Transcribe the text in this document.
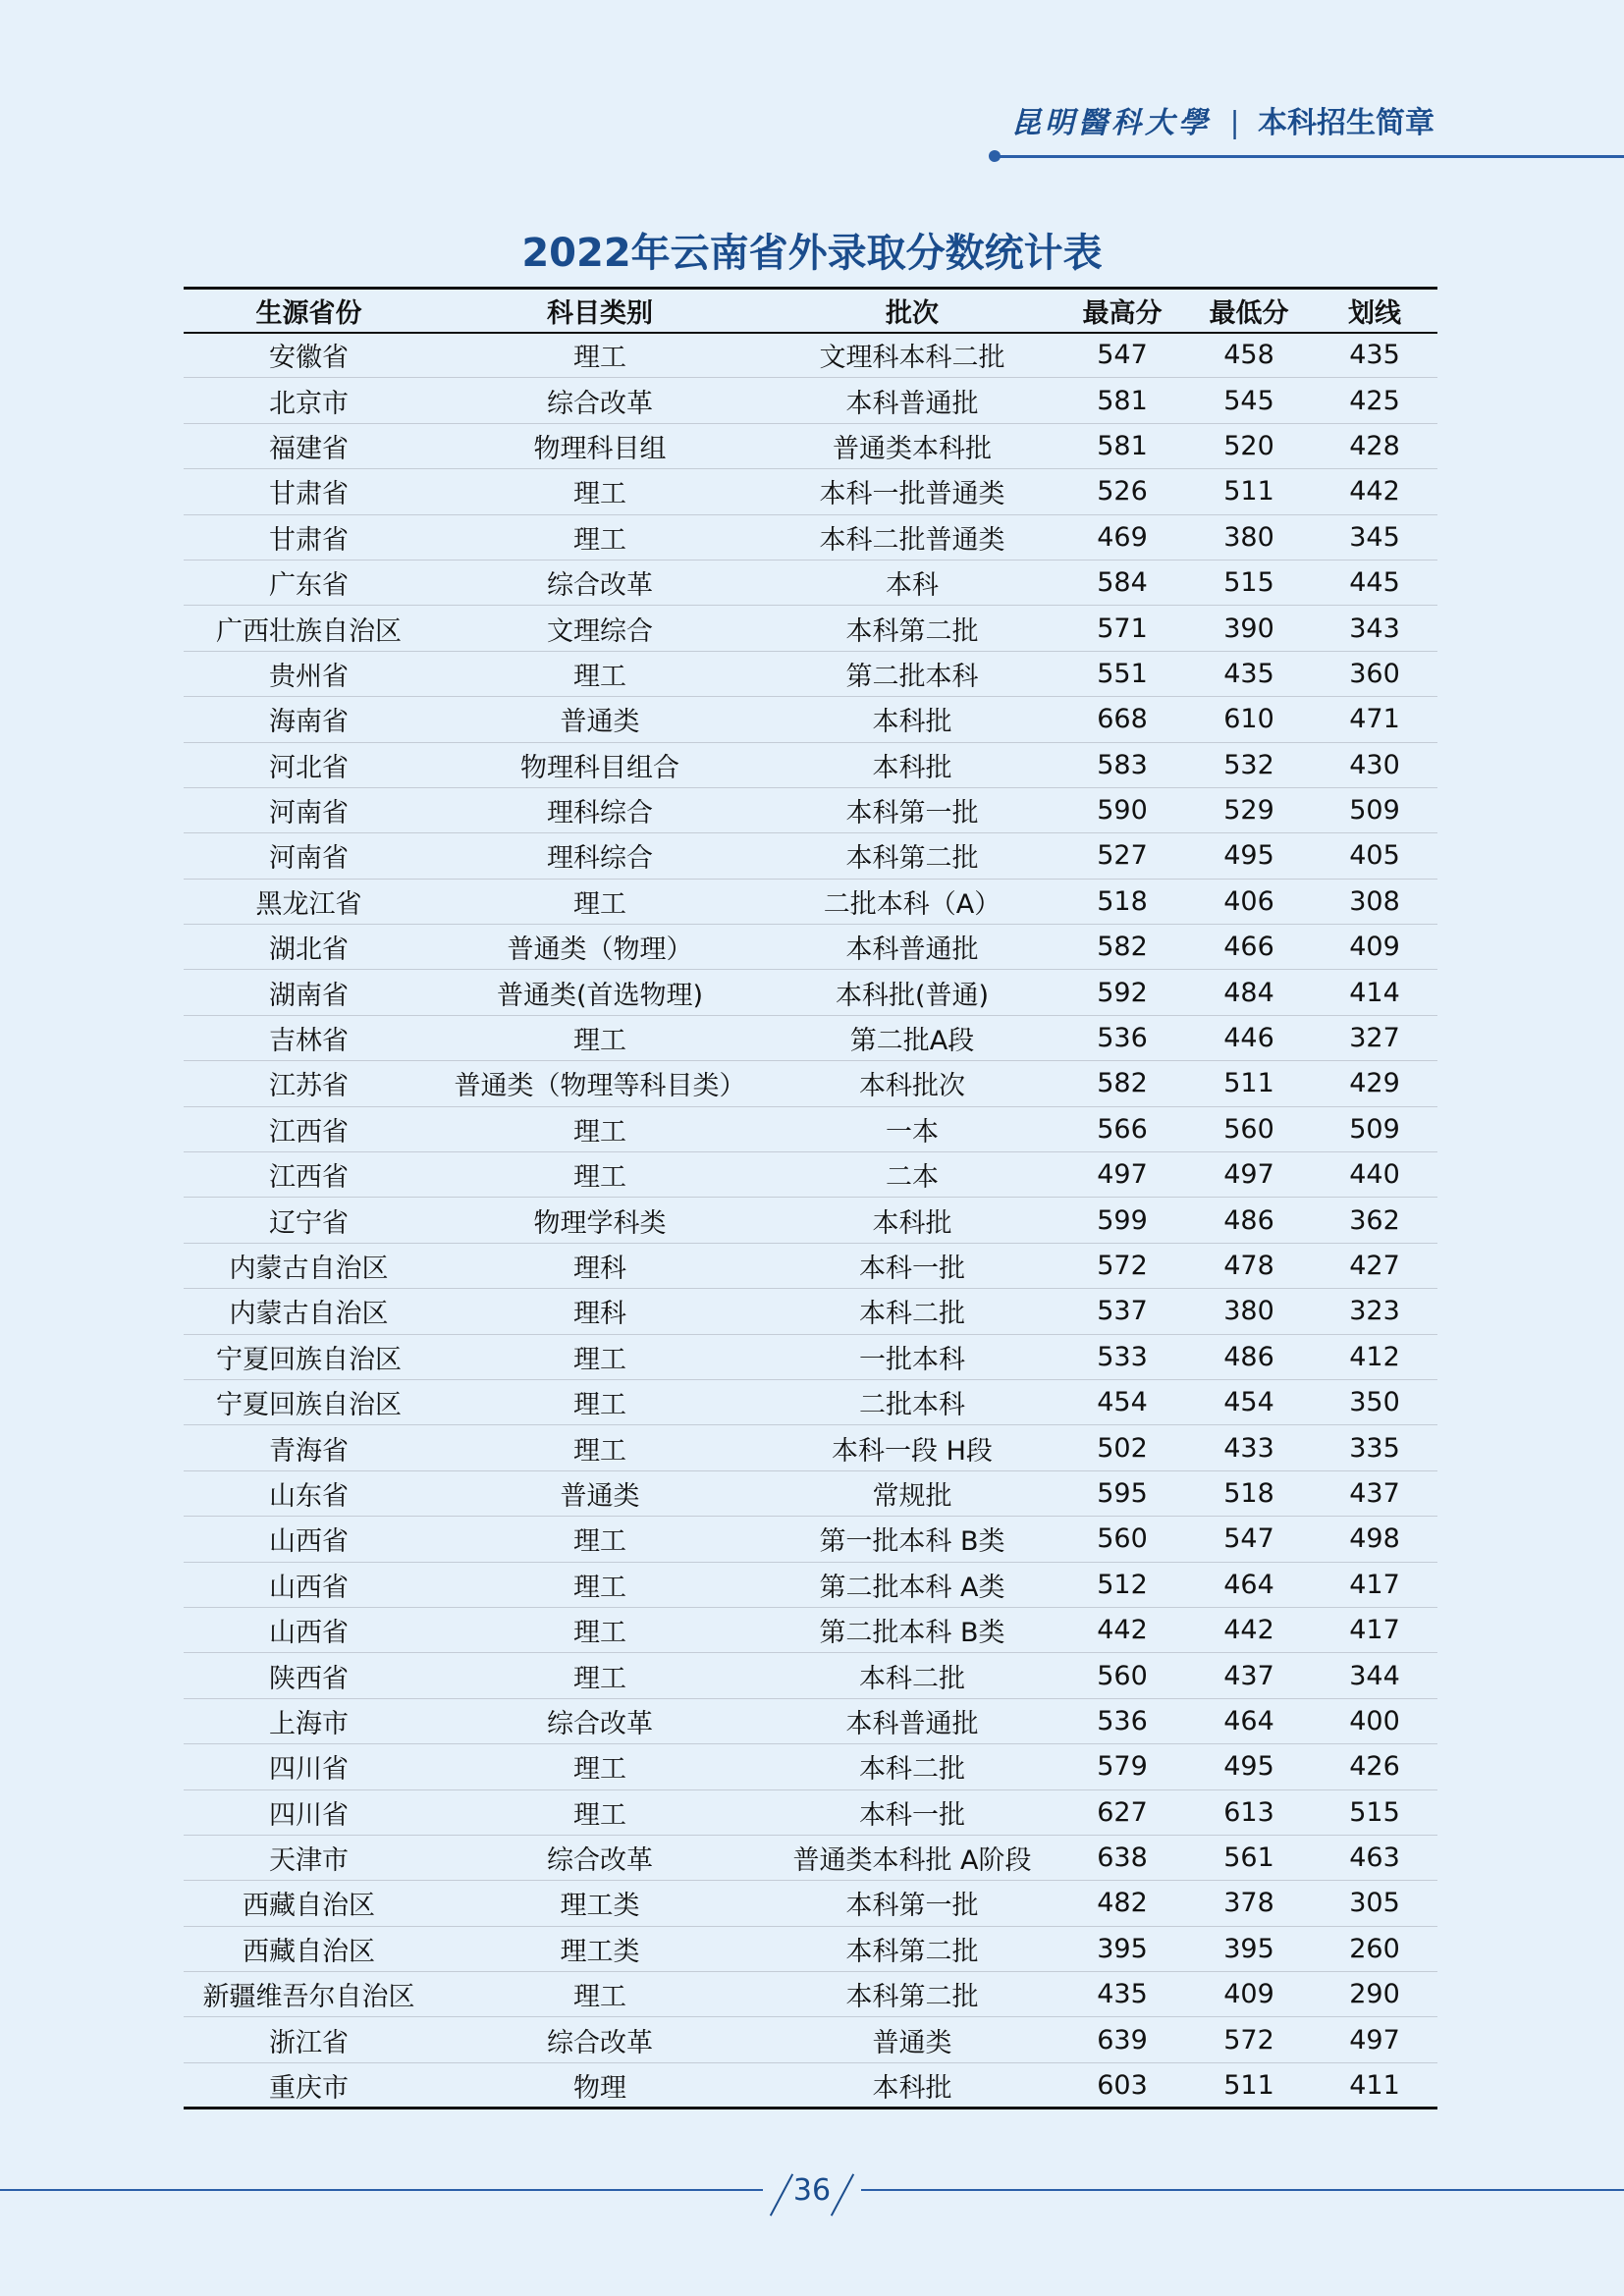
昆明醫科大學 | 本科招生简章
2022年云南省外录取分数统计表
生源省份	科目类别	批次	最高分	最低分	划线
安徽省	理工	文理科本科二批	547	458	435
北京市	综合改革	本科普通批	581	545	425
福建省	物理科目组	普通类本科批	581	520	428
甘肃省	理工	本科一批普通类	526	511	442
甘肃省	理工	本科二批普通类	469	380	345
广东省	综合改革	本科	584	515	445
广西壮族自治区	文理综合	本科第二批	571	390	343
贵州省	理工	第二批本科	551	435	360
海南省	普通类	本科批	668	610	471
河北省	物理科目组合	本科批	583	532	430
河南省	理科综合	本科第一批	590	529	509
河南省	理科综合	本科第二批	527	495	405
黑龙江省	理工	二批本科（A）	518	406	308
湖北省	普通类（物理）	本科普通批	582	466	409
湖南省	普通类(首选物理)	本科批(普通)	592	484	414
吉林省	理工	第二批A段	536	446	327
江苏省	普通类（物理等科目类）	本科批次	582	511	429
江西省	理工	一本	566	560	509
江西省	理工	二本	497	497	440
辽宁省	物理学科类	本科批	599	486	362
内蒙古自治区	理科	本科一批	572	478	427
内蒙古自治区	理科	本科二批	537	380	323
宁夏回族自治区	理工	一批本科	533	486	412
宁夏回族自治区	理工	二批本科	454	454	350
青海省	理工	本科一段 H段	502	433	335
山东省	普通类	常规批	595	518	437
山西省	理工	第一批本科 B类	560	547	498
山西省	理工	第二批本科 A类	512	464	417
山西省	理工	第二批本科 B类	442	442	417
陕西省	理工	本科二批	560	437	344
上海市	综合改革	本科普通批	536	464	400
四川省	理工	本科二批	579	495	426
四川省	理工	本科一批	627	613	515
天津市	综合改革	普通类本科批 A阶段	638	561	463
西藏自治区	理工类	本科第一批	482	378	305
西藏自治区	理工类	本科第二批	395	395	260
新疆维吾尔自治区	理工	本科第二批	435	409	290
浙江省	综合改革	普通类	639	572	497
重庆市	物理	本科批	603	511	411
36
